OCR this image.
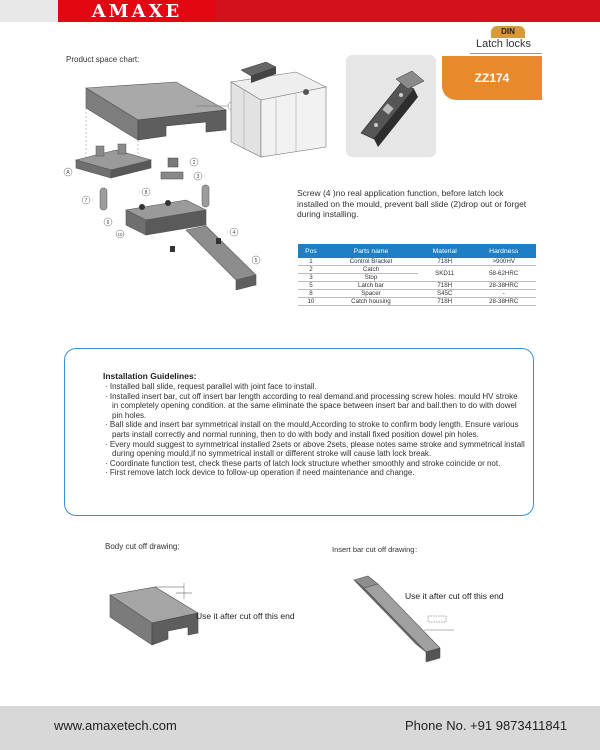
AMAXE
DIN
Latch locks
ZZ174
Product space chart:
A
2
3
7
8
6
10
5
4
Screw (4 )no real application function, before latch lock installed on the mould, prevent ball slide (2)drop out or forget during installing.
Pos	Parts name	Material	Hardness
1	Control Bracket	718H	>900HV
2	Catch	SKD11	58-62HRC
3	Stop		
5	Latch bar	718H	28-38HRC
8	Spacer	S45C	-
10	Catch housing	718H	28-38HRC
Installation Guidelines:
· Installed ball slide, request parallel with joint face to install.
· Installed insert bar, cut off insert bar length according to real demand.and processing screw holes. mould HV stroke in completely opening condition. at the same eliminate the space between insert bar and ball.then to do with dowel pin holes.
· Ball slide and insert bar symmetrical install on the mould,According to stroke to confirm body length. Ensure various parts install correctly and normal running, then to do with body and install fixed position dowel pin holes.
· Every mould suggest to symmetrical installed 2sets or above 2sets, please notes same stroke and symmetrical install during opening mould,if no symmetrical install or different stroke will cause lath lock break.
· Coordinate function test, check these parts of latch lock structure whether smoothly and stroke coincide or not.
· First remove latch lock device to follow-up operation if need maintenance and change.
Body cut off drawing:	Insert bar cut off drawing：
Use it after cut off this end
Use it after cut off this end
www.amaxetech.com	Phone No. +91 9873411841
